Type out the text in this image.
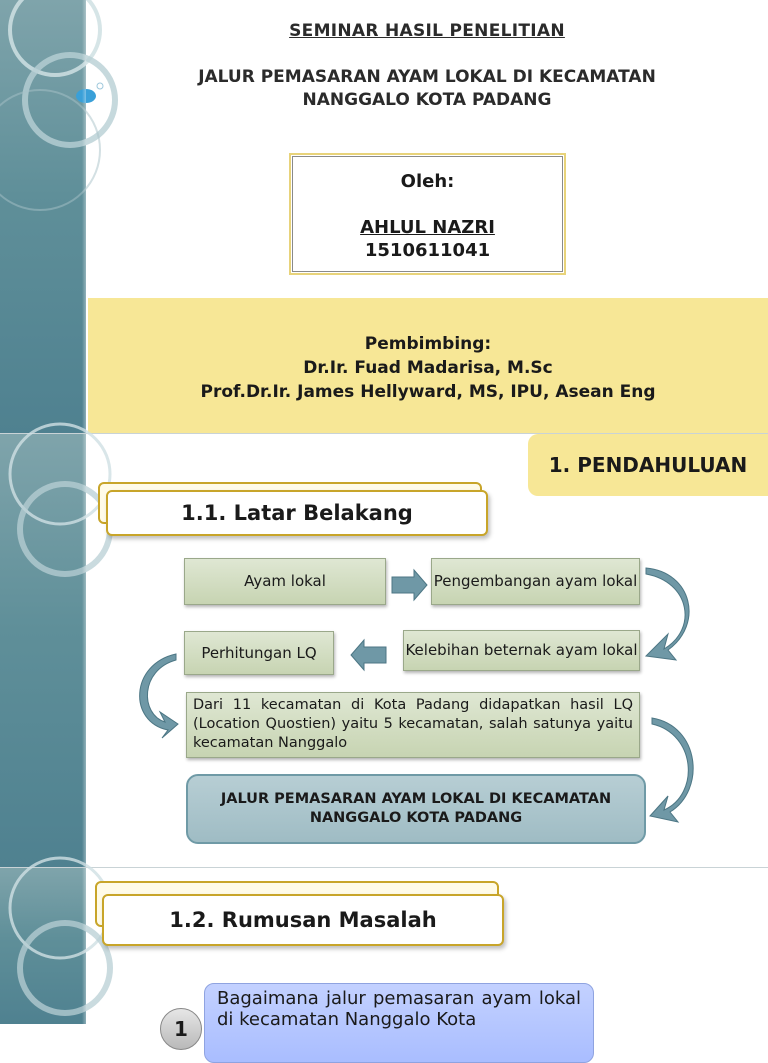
SEMINAR HASIL PENELITIAN
JALUR PEMASARAN AYAM LOKAL DI KECAMATAN NANGGALO KOTA PADANG
Oleh:
AHLUL NAZRI
1510611041
Pembimbing:
Dr.Ir. Fuad Madarisa, M.Sc
Prof.Dr.Ir. James Hellyward, MS, IPU, Asean Eng
1. PENDAHULUAN
1.1. Latar Belakang
Ayam lokal	Pengembangan ayam lokal
Kelebihan beternak ayam lokal
Perhitungan LQ
Dari 11 kecamatan di Kota Padang didapatkan hasil LQ (Location Quostien) yaitu 5 kecamatan, salah satunya yaitu kecamatan Nanggalo
JALUR PEMASARAN AYAM LOKAL DI KECAMATAN NANGGALO KOTA PADANG
1.2. Rumusan Masalah
1
Bagaimana jalur pemasaran ayam lokal di kecamatan Nanggalo Kota
